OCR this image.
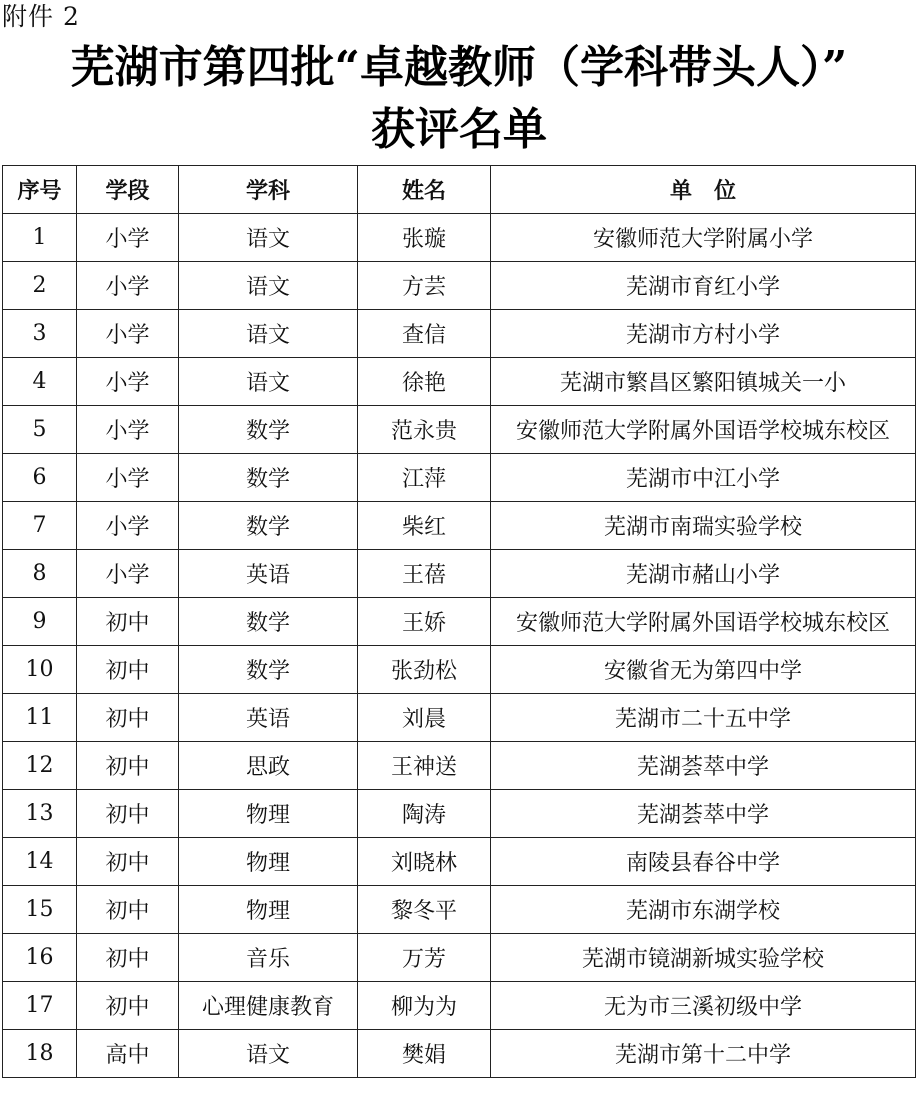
附件 2
芜湖市第四批“卓越教师（学科带头人）”
获评名单
序号	学段	学科	姓名	单　位
1	小学	语文	张璇	安徽师范大学附属小学
2	小学	语文	方芸	芜湖市育红小学
3	小学	语文	查信	芜湖市方村小学
4	小学	语文	徐艳	芜湖市繁昌区繁阳镇城关一小
5	小学	数学	范永贵	安徽师范大学附属外国语学校城东校区
6	小学	数学	江萍	芜湖市中江小学
7	小学	数学	柴红	芜湖市南瑞实验学校
8	小学	英语	王蓓	芜湖市赭山小学
9	初中	数学	王娇	安徽师范大学附属外国语学校城东校区
10	初中	数学	张劲松	安徽省无为第四中学
11	初中	英语	刘晨	芜湖市二十五中学
12	初中	思政	王神送	芜湖荟萃中学
13	初中	物理	陶涛	芜湖荟萃中学
14	初中	物理	刘晓林	南陵县春谷中学
15	初中	物理	黎冬平	芜湖市东湖学校
16	初中	音乐	万芳	芜湖市镜湖新城实验学校
17	初中	心理健康教育	柳为为	无为市三溪初级中学
18	高中	语文	樊娟	芜湖市第十二中学
